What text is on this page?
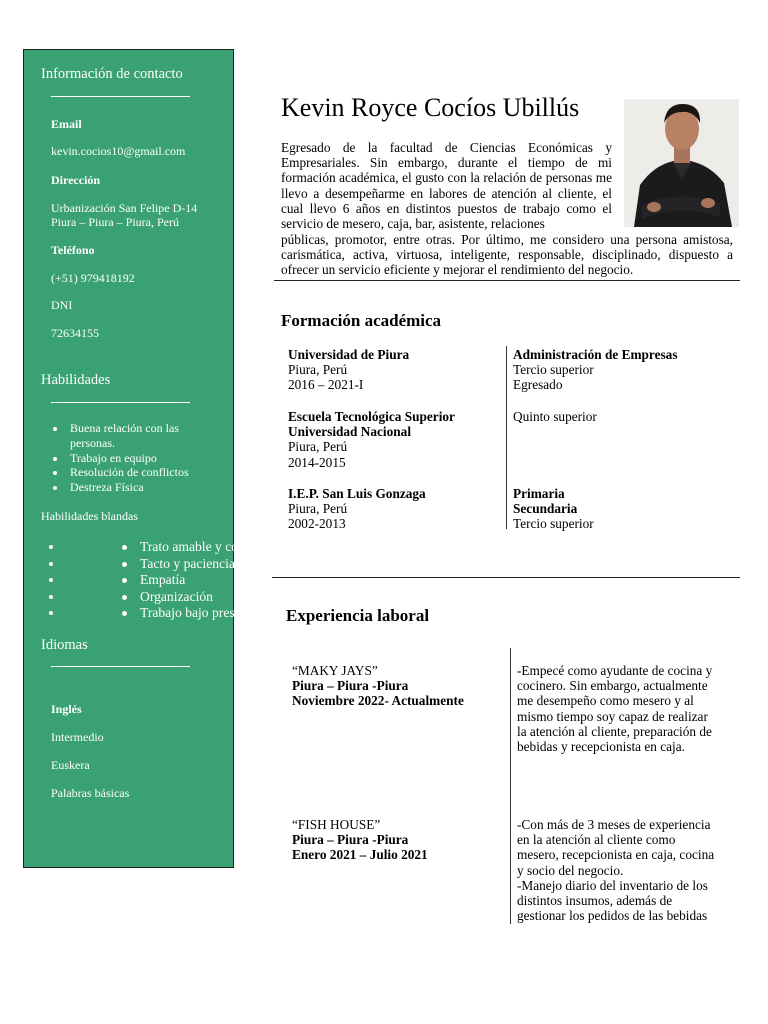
Información de contacto
Email
kevin.cocios10@gmail.com
Dirección
Urbanización San Felipe D-14
Piura – Piura – Piura, Perú
Teléfono
(+51) 979418192
DNI
72634155
Habilidades
Buena relación con las personas.
Trabajo en equipo
Resolución de conflictos
Destreza Física
Habilidades blandas
• Trato amable y cordial
• Tacto y paciencia
• Empatía
• Organización
• Trabajo bajo presión
Idiomas
Inglés
Intermedio
Euskera
Palabras básicas
Kevin Royce Cocíos Ubillús
Egresado de la facultad de Ciencias Económicas y Empresariales. Sin embargo, durante el tiempo de mi formación académica, el gusto con la relación de personas me llevo a desempeñarme en labores de atención al cliente, el cual llevo 6 años en distintos puestos de trabajo como el servicio de mesero, caja, bar, asistente, relaciones
públicas, promotor, entre otras. Por último, me considero una persona amistosa, carismática, activa, virtuosa, inteligente, responsable, disciplinado, dispuesto a ofrecer un servicio eficiente y mejorar el rendimiento del negocio.
Formación académica
Universidad de Piura
Piura, Perú
2016 – 2021-I
Administración de Empresas
Tercio superior
Egresado
Escuela Tecnológica Superior
Universidad Nacional
Piura, Perú
2014-2015
Quinto superior
I.E.P. San Luis Gonzaga
Piura, Perú
2002-2013
Primaria
Secundaria
Tercio superior
Experiencia laboral
“MAKY JAYS”
Piura – Piura -Piura
Noviembre 2022- Actualmente
-Empecé como ayudante de cocina y
cocinero. Sin embargo, actualmente
me desempeño como mesero y al
mismo tiempo soy capaz de realizar
la atención al cliente, preparación de
bebidas y recepcionista en caja.
“FISH HOUSE”
Piura – Piura -Piura
Enero 2021 – Julio 2021
-Con más de 3 meses de experiencia
en la atención al cliente como
mesero, recepcionista en caja, cocina
y socio del negocio.
-Manejo diario del inventario de los
distintos insumos, además de
gestionar los pedidos de las bebidas
